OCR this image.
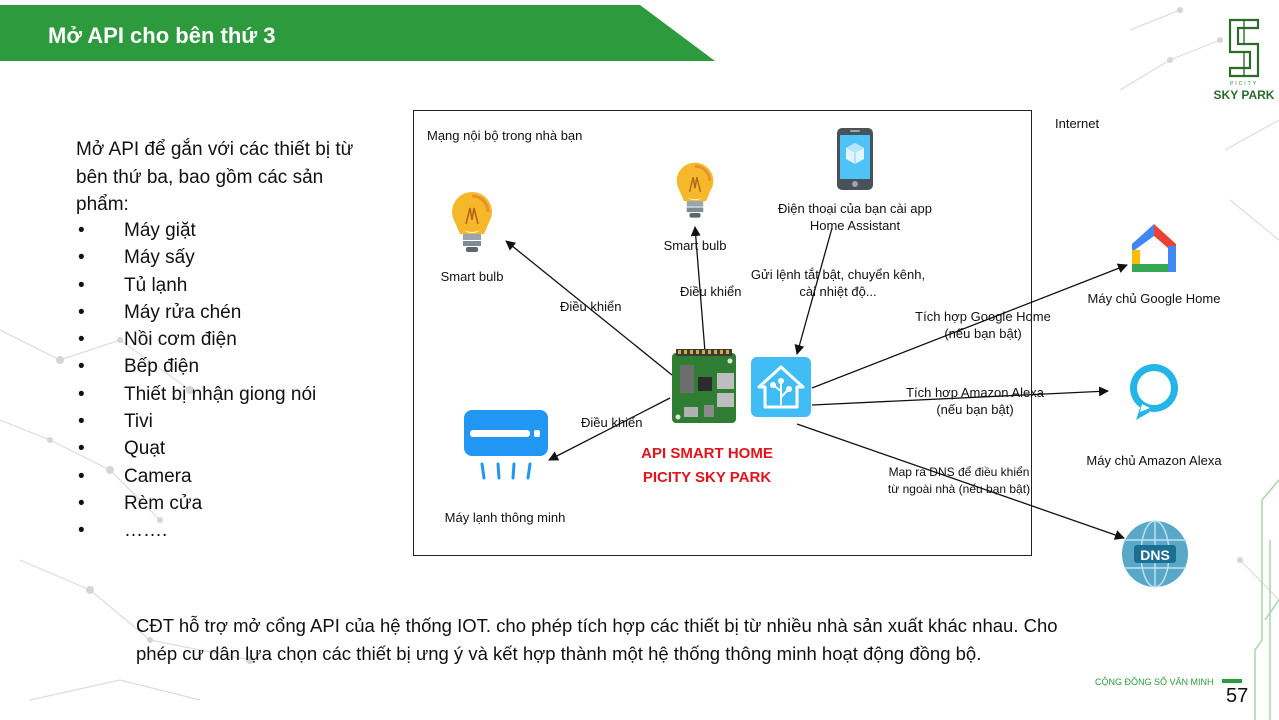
Mở API cho bên thứ 3
PICITY
SKY PARK
Mở API để gắn với các thiết bị từ bên thứ ba, bao gồm các sản phẩm:
• Máy giặt
• Máy sấy
• Tủ lạnh
• Máy rửa chén
• Nồi cơm điện
• Bếp điện
• Thiết bị nhận giong nói
• Tivi
• Quạt
• Camera
• Rèm cửa
• …….
Mạng nội bộ trong nhà bạn
Internet
Smart bulb
Smart bulb
Điện thoại của bạn cài app
Home Assistant
Gửi lệnh tắt bật, chuyển kênh,
cài nhiệt độ...
Điều khiển
Điều khiển
Điều khiển
API SMART HOME
PICITY SKY PARK
Máy lạnh thông minh
Tích hợp Google Home
(nếu bạn bật)
Tích hợp Amazon Alexa
(nếu bạn bật)
Map ra DNS để điều khiển
từ ngoài nhà (nếu bạn bật)
Máy chủ Google Home
Máy chủ Amazon Alexa
DNS
CĐT hỗ trợ mở cổng API của hệ thống IOT. cho phép tích hợp các thiết bị từ nhiều nhà sản xuất khác nhau. Cho phép cư dân lựa chọn các thiết bị ưng ý và kết hợp thành một hệ thống thông minh hoạt động đồng bộ.
CỘNG ĐỒNG SỐ VĂN MINH
57
